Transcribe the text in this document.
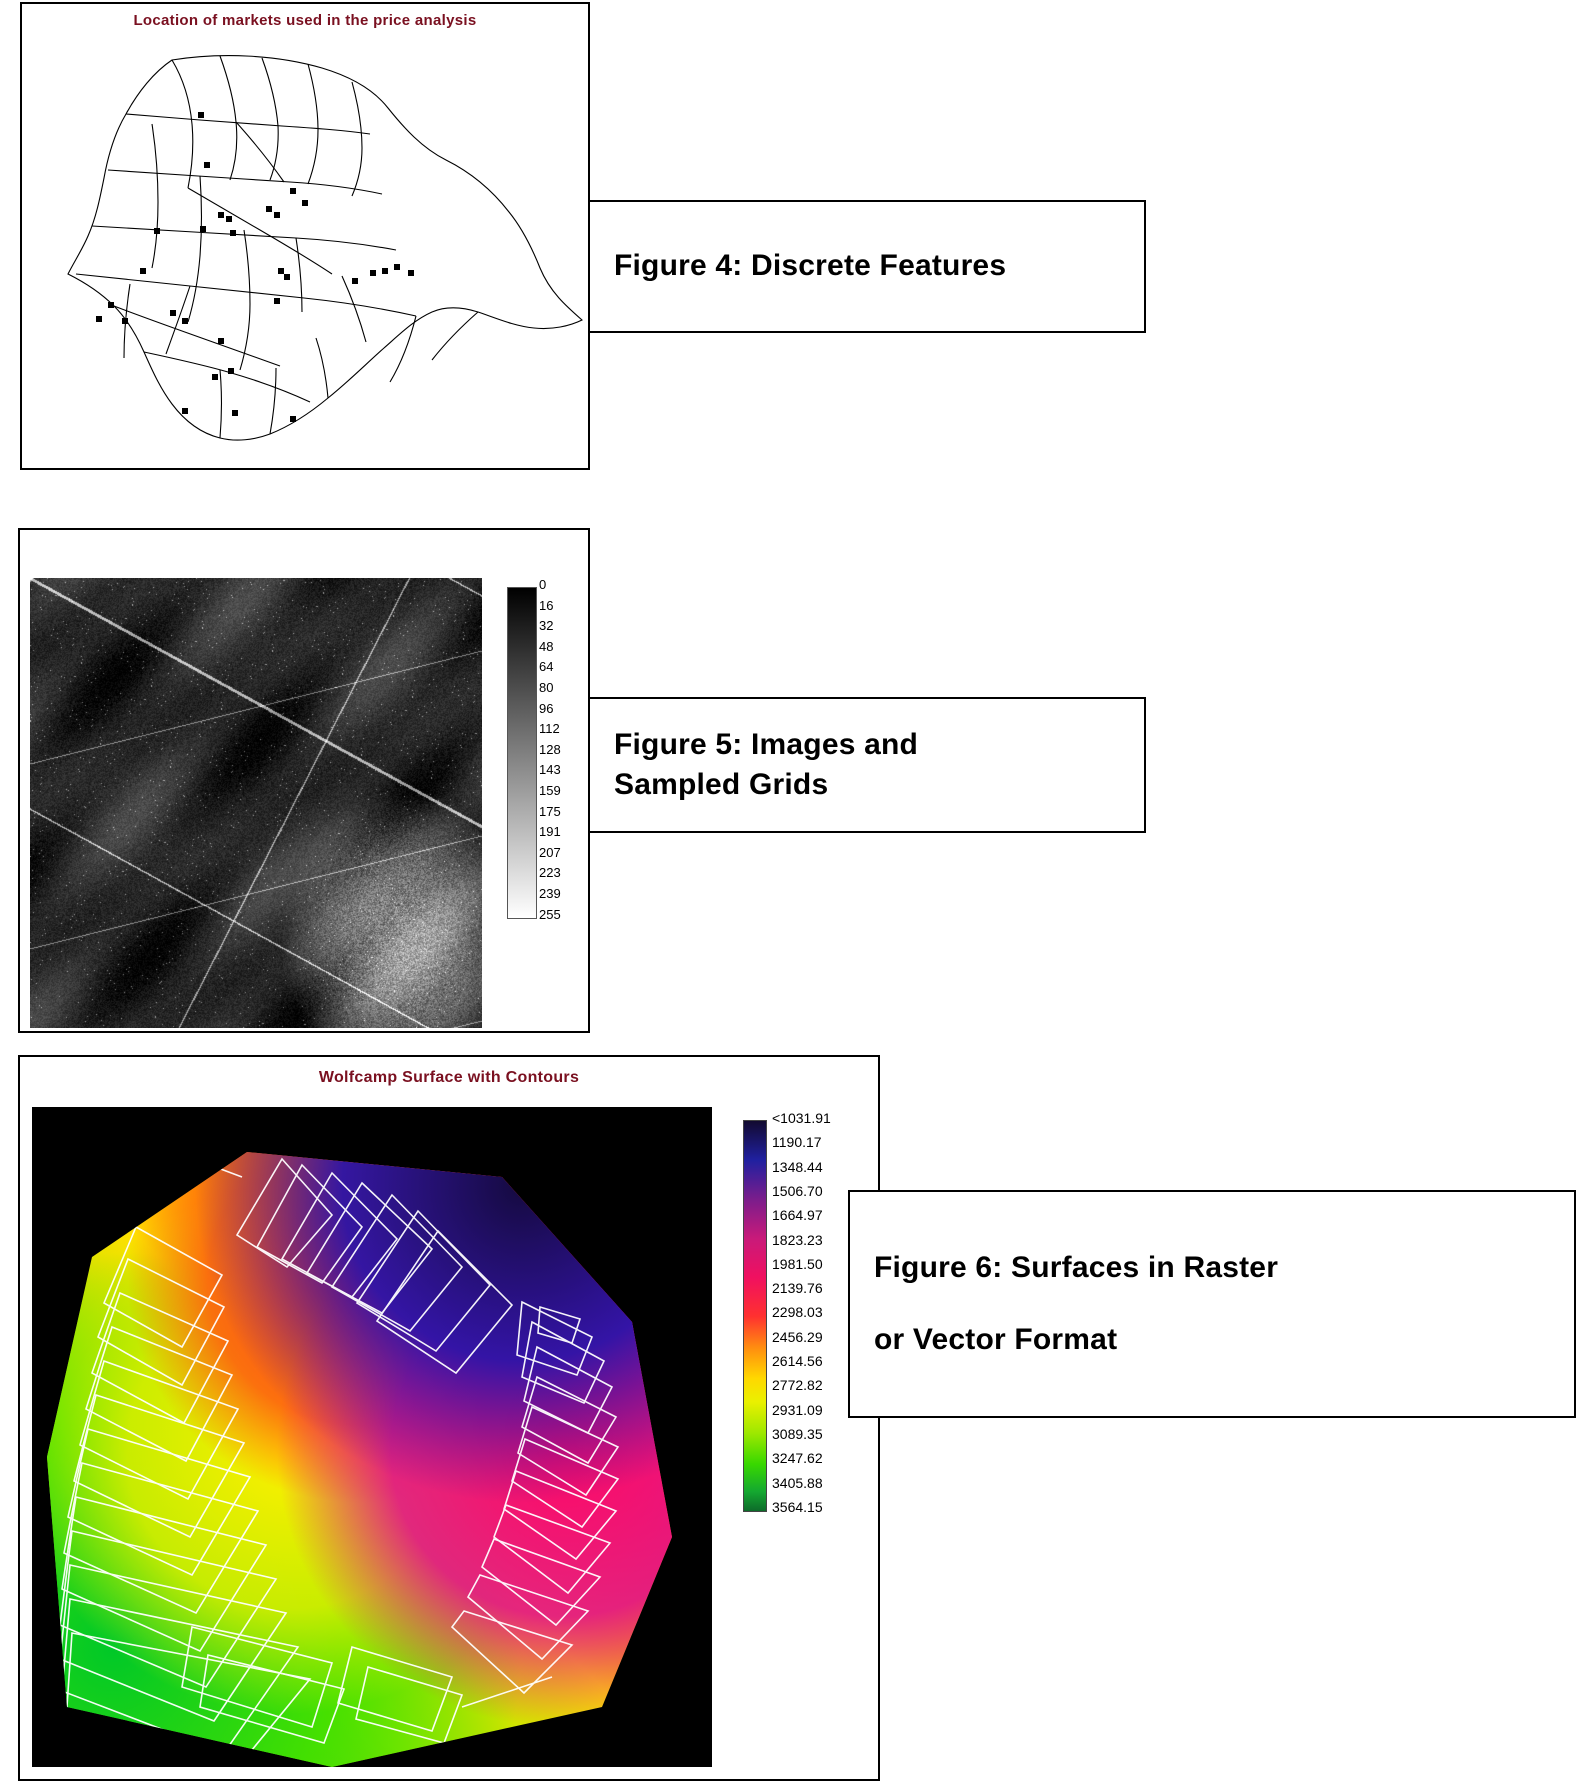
Location of markets used in the price analysis
Figure 4: Discrete Features
0
16
32
48
64
80
96
112
128
143
159
175
191
207
223
239
255
Figure 5: Images and
Sampled Grids
Wolfcamp Surface with Contours
<1031.91
1190.17
1348.44
1506.70
1664.97
1823.23
1981.50
2139.76
2298.03
2456.29
2614.56
2772.82
2931.09
3089.35
3247.62
3405.88
3564.15
Figure 6: Surfaces in Raster
or Vector Format
